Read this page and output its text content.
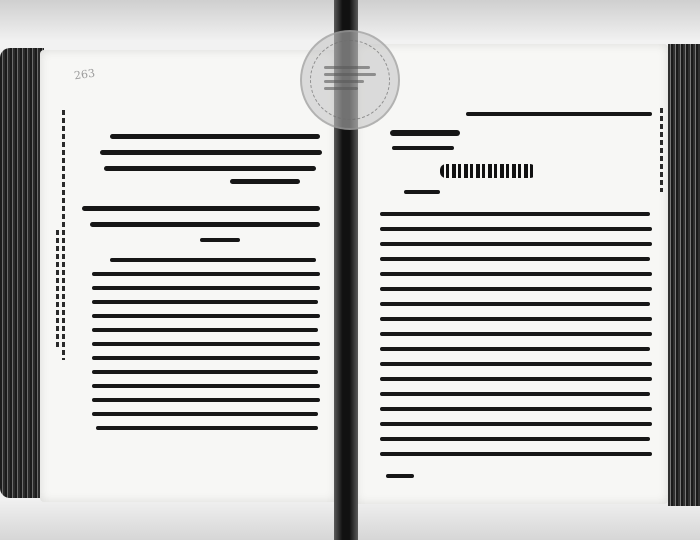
263
